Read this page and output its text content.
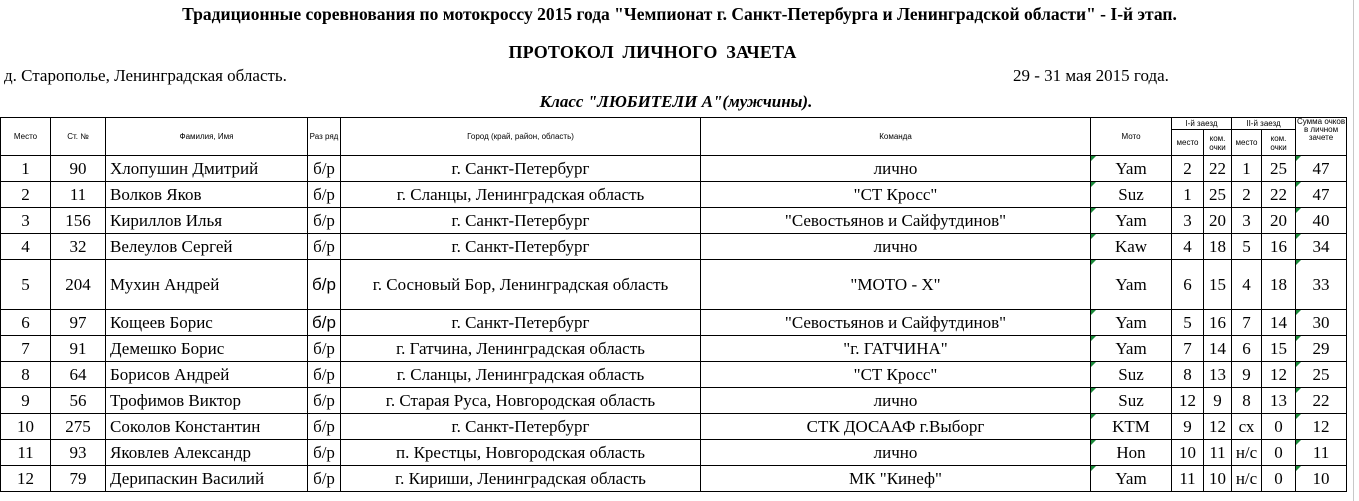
Традиционные соревнования по мотокроссу 2015 года "Чемпионат г. Санкт-Петербурга и Ленинградской области" - I-й этап.
ПРОТОКОЛ ЛИЧНОГО ЗАЧЕТА
д. Старополье, Ленинградская область.	29 - 31 мая 2015 года.
Класс "ЛЮБИТЕЛИ А"(мужчины).
Место	Ст. №	Фамилия, Имя	Раз ряд	Город (край, район, область)	Команда	Мото	I-й заезд		II-й заезд		Сумма очков в личном зачете
							место	ком. очки	место	ком. очки	
1	90	Хлопушин Дмитрий	б/р	г. Санкт-Петербург	лично	Yam	2	22	1	25	47
2	11	Волков Яков	б/р	г. Сланцы, Ленинградская область	"СТ Кросс"	Suz	1	25	2	22	47
3	156	Кириллов Илья	б/р	г. Санкт-Петербург	"Севостьянов и Сайфутдинов"	Yam	3	20	3	20	40
4	32	Велеулов Сергей	б/р	г. Санкт-Петербург	лично	Kaw	4	18	5	16	34
5	204	Мухин Андрей	б/р	г. Сосновый Бор, Ленинградская область	"МОТО - Х"	Yam	6	15	4	18	33
6	97	Кощеев Борис	б/р	г. Санкт-Петербург	"Севостьянов и Сайфутдинов"	Yam	5	16	7	14	30
7	91	Демешко Борис	б/р	г. Гатчина, Ленинградская область	"г. ГАТЧИНА"	Yam	7	14	6	15	29
8	64	Борисов Андрей	б/р	г. Сланцы, Ленинградская область	"СТ Кросс"	Suz	8	13	9	12	25
9	56	Трофимов Виктор	б/р	г. Старая Руса, Новгородская область	лично	Suz	12	9	8	13	22
10	275	Соколов Константин	б/р	г. Санкт-Петербург	СТК ДОСААФ г.Выборг	KTM	9	12	сх	0	12
11	93	Яковлев Александр	б/р	п. Крестцы, Новгородская область	лично	Hon	10	11	н/с	0	11
12	79	Дерипаскин Василий	б/р	г. Кириши, Ленинградская область	МК "Кинеф"	Yam	11	10	н/с	0	10
